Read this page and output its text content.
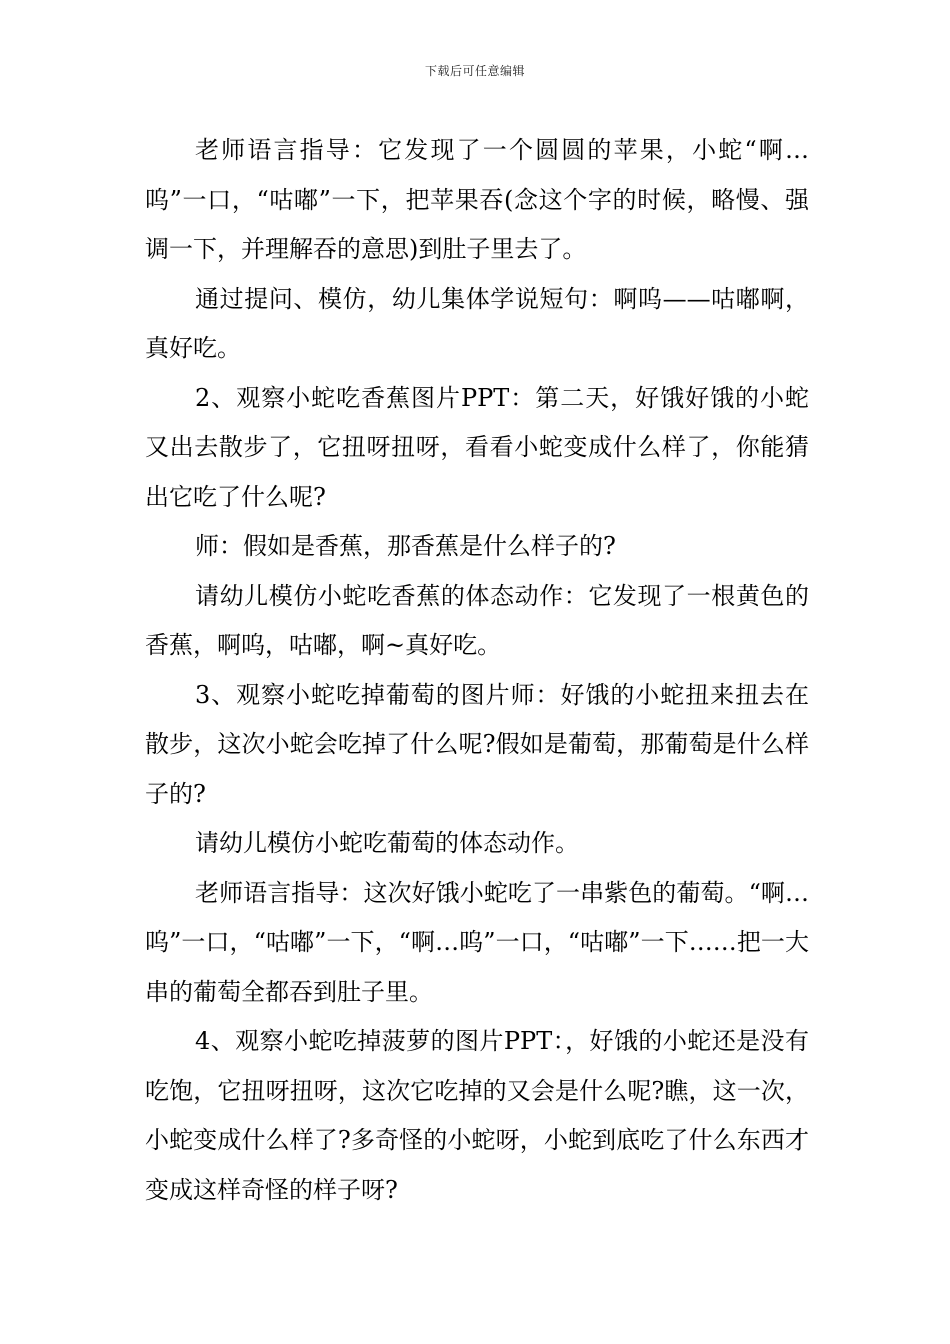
下载后可任意编辑

老师语言指导：它发现了一个圆圆的苹果，小蛇“啊…呜”一口，“咕嘟”一下，把苹果吞(念这个字的时候，略慢、强调一下，并理解吞的意思)到肚子里去了。

通过提问、模仿，幼儿集体学说短句：啊呜——咕嘟啊，真好吃。

2、观察小蛇吃香蕉图片PPT：第二天，好饿好饿的小蛇又出去散步了，它扭呀扭呀，看看小蛇变成什么样了，你能猜出它吃了什么呢?

师：假如是香蕉，那香蕉是什么样子的?

请幼儿模仿小蛇吃香蕉的体态动作：它发现了一根黄色的香蕉，啊呜，咕嘟，啊~真好吃。

3、观察小蛇吃掉葡萄的图片师：好饿的小蛇扭来扭去在散步，这次小蛇会吃掉了什么呢?假如是葡萄，那葡萄是什么样子的?

请幼儿模仿小蛇吃葡萄的体态动作。

老师语言指导：这次好饿小蛇吃了一串紫色的葡萄。“啊…呜”一口，“咕嘟”一下，“啊…呜”一口，“咕嘟”一下……把一大串的葡萄全都吞到肚子里。

4、观察小蛇吃掉菠萝的图片PPT：，好饿的小蛇还是没有吃饱，它扭呀扭呀，这次它吃掉的又会是什么呢?瞧，这一次，小蛇变成什么样了?多奇怪的小蛇呀，小蛇到底吃了什么东西才变成这样奇怪的样子呀?
